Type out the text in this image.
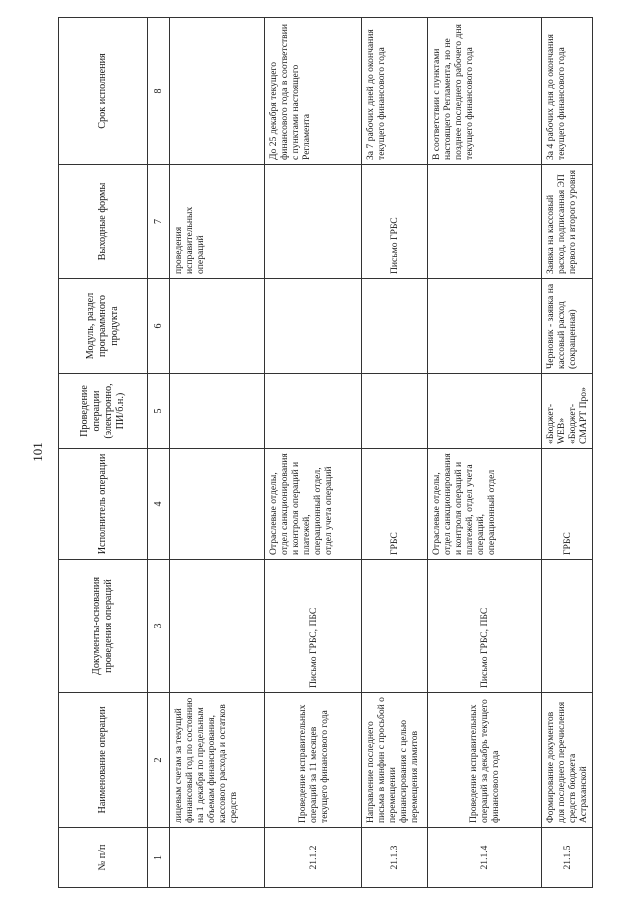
101
№ п/п	Наименование операции	Документы-основания проведения операций	Исполнитель операции	Проведение операции (электронно, ПИ/б.н.)	Модуль, раздел программного продукта	Выходные формы	Срок исполнения
1	2	3	4	5	6	7	8
	лицевым счетам за текущий финансовый год по состоянию на 1 декабря по предельным объемам финансирования, кассового расхода и остатков средств					проведения исправительных операций	
21.1.2	Проведение исправительных операций за 11 месяцев текущего финансового года	Письмо ГРБС, ПБС	Отраслевые отделы, отдел санкционирования и контроля операций и платежей, операционный отдел, отдел учета операций				До 25 декабря текущего финансового года в соответствии с пунктами настоящего Регламента
21.1.3	Направление последнего письма в минфин с просьбой о перемещении финансирования с целью перемещения лимитов		ГРБС			Письмо ГРБС	За 7 рабочих дней до окончания текущего финансового года
21.1.4	Проведение исправительных операций за декабрь текущего финансового года	Письмо ГРБС, ПБС	Отраслевые отделы, отдел санкционирования и контроля операций и платежей, отдел учета операций, операционный отдел				В соответствии с пунктами настоящего Регламента, но не позднее последнего рабочего дня текущего финансового года
21.1.5	Формирование документов для последнего перечисления средств бюджета Астраханской		ГРБС	«Бюджет-WEB» «Бюджет-СМАРТ Про»	Черновик - заявка на кассовый расход (сокращенная)	Заявка на кассовый расход, подписанная ЭП первого и второго уровня	За 4 рабочих дня до окончания текущего финансового года
